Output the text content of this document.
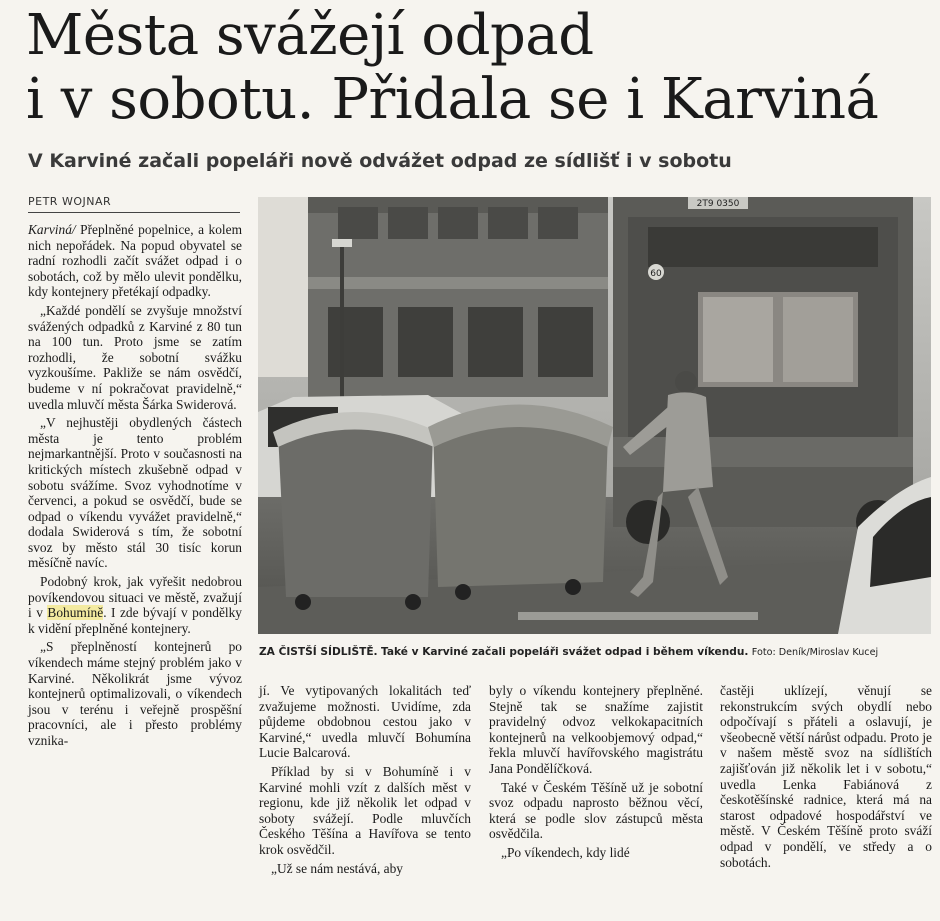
Města svážejí odpad
i v sobotu. Přidala se i Karviná
V Karviné začali popeláři nově odvážet odpad ze sídlišť i v sobotu
PETR WOJNAR

Karviná/ Přeplněné popelnice, a kolem nich nepořádek. Na popud obyvatel se radní rozhodli začít svážet odpad i o sobotách, což by mělo ulevit pondělku, kdy kontejnery přetékají odpadky.

„Každé pondělí se zvyšuje množství svážených odpadků z Karviné z 80 tun na 100 tun. Proto jsme se zatím rozhodli, že sobotní svážku vyzkoušíme. Pakliže se nám osvědčí, budeme v ní pokračovat pravidelně,“ uvedla mluvčí města Šárka Swiderová.

„V nejhustěji obydlených částech města je tento problém nejmarkantnější. Proto v současnosti na kritických místech zkušebně odpad v sobotu svážíme. Svoz vyhodnotíme v červenci, a pokud se osvědčí, bude se odpad o víkendu vyvážet pravidelně,“ dodala Swiderová s tím, že sobotní svoz by město stál 30 tisíc korun měsíčně navíc.

Podobný krok, jak vyřešit nedobrou povíkendovou situaci ve městě, zvažují i v Bohumíně. I zde bývají v pondělky k vidění přeplněné kontejnery.

„S přeplněností kontejnerů po víkendech máme stejný problém jako v Karviné. Několikrát jsme vývoz kontejnerů optimalizovali, o víkendech jsou v terénu i veřejně prospěšní pracovníci, ale i přesto problémy vznika-

2T9 0350
60
ZA ČISTŠÍ SÍDLIŠTĚ. Také v Karviné začali popeláři svážet odpad i během víkendu. Foto: Deník/Miroslav Kucej

jí. Ve vytipovaných lokalitách teď zvažujeme možnosti. Uvidíme, zda půjdeme obdobnou cestou jako v Karviné,“ uvedla mluvčí Bohumína Lucie Balcarová.

Příklad by si v Bohumíně i v Karviné mohli vzít z dalších měst v regionu, kde již několik let odpad v soboty svážejí. Podle mluvčích Českého Těšína a Havířova se tento krok osvědčil.

„Už se nám nestává, aby

byly o víkendu kontejnery přeplněné. Stejně tak se snažíme zajistit pravidelný odvoz velkokapacitních kontejnerů na velkoobjemový odpad,“ řekla mluvčí havířovského magistrátu Jana Pondělíčková.

Také v Českém Těšíně už je sobotní svoz odpadu naprosto běžnou věcí, která se podle slov zástupců města osvědčila.

„Po víkendech, kdy lidé

častěji uklízejí, věnují se rekonstrukcím svých obydlí nebo odpočívají s přáteli a oslavují, je všeobecně větší nárůst odpadu. Proto je v našem městě svoz na sídlištích zajišťován již několik let i v sobotu,“ uvedla Lenka Fabiánová z českotěšínské radnice, která má na starost odpadové hospodářství ve městě. V Českém Těšíně proto sváží odpad v pondělí, ve středy a o sobotách.
